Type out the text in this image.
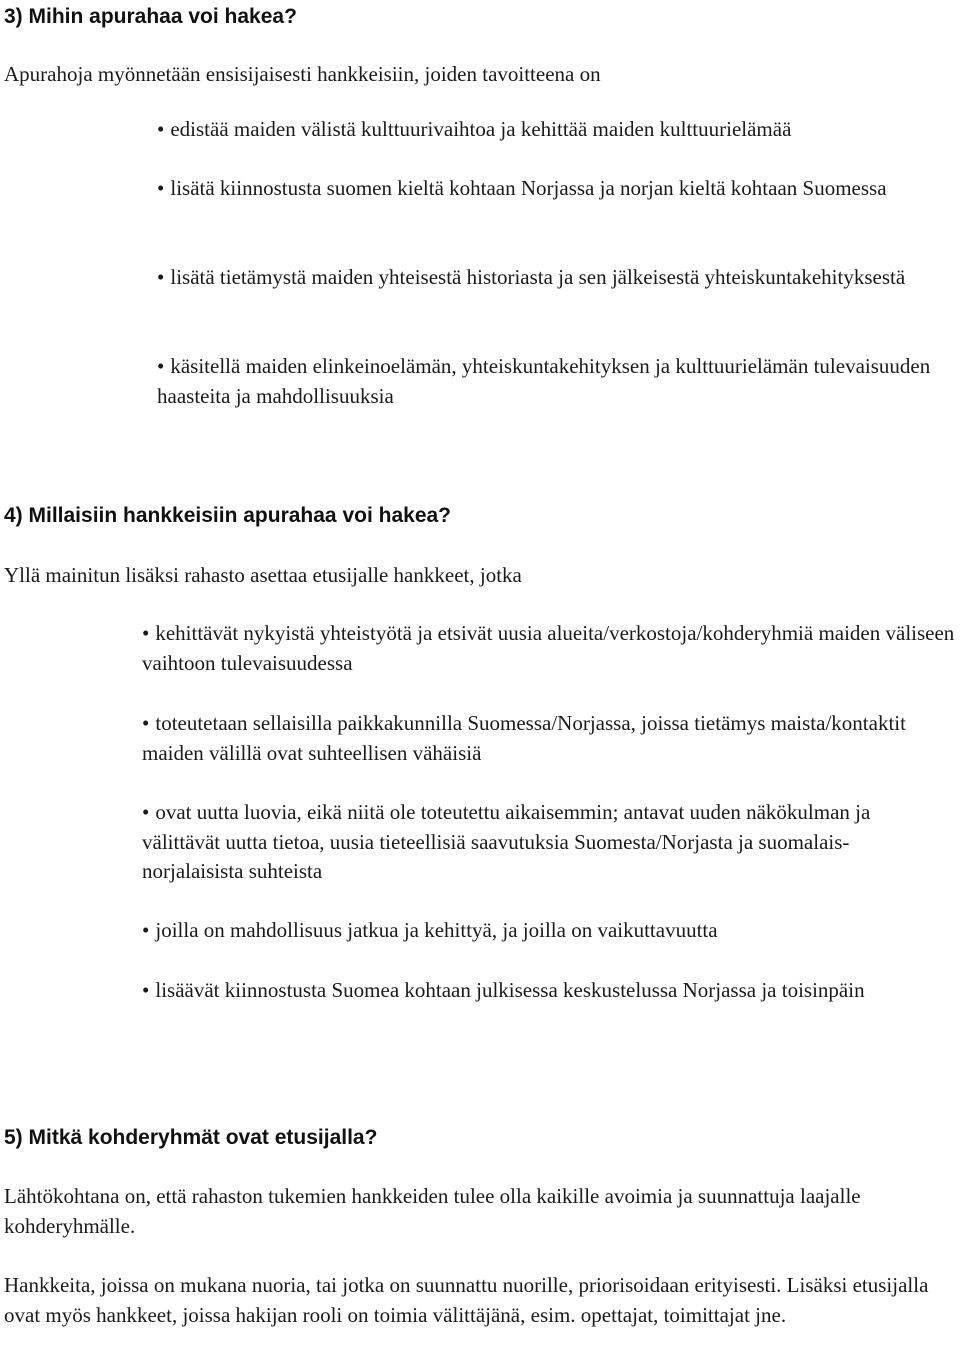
3) Mihin apurahaa voi hakea?

Apurahoja myönnetään ensisijaisesti hankkeisiin, joiden tavoitteena on

• edistää maiden välistä kulttuurivaihtoa ja kehittää maiden kulttuurielämää
• lisätä kiinnostusta suomen kieltä kohtaan Norjassa ja norjan kieltä kohtaan Suomessa
• lisätä tietämystä maiden yhteisestä historiasta ja sen jälkeisestä yhteiskuntakehityksestä
• käsitellä maiden elinkeinoelämän, yhteiskuntakehityksen ja kulttuurielämän tulevaisuuden haasteita ja mahdollisuuksia
4) Millaisiin hankkeisiin apurahaa voi hakea?

Yllä mainitun lisäksi rahasto asettaa etusijalle hankkeet, jotka

• kehittävät nykyistä yhteistyötä ja etsivät uusia alueita/verkostoja/kohderyhmiä maiden väliseen vaihtoon tulevaisuudessa
• toteutetaan sellaisilla paikkakunnilla Suomessa/Norjassa, joissa tietämys maista/kontaktit maiden välillä ovat suhteellisen vähäisiä
• ovat uutta luovia, eikä niitä ole toteutettu aikaisemmin; antavat uuden näkökulman ja välittävät uutta tietoa, uusia tieteellisiä saavutuksia Suomesta/Norjasta ja suomalais-norjalaisista suhteista
• joilla on mahdollisuus jatkua ja kehittyä, ja joilla on vaikuttavuutta
• lisäävät kiinnostusta Suomea kohtaan julkisessa keskustelussa Norjassa ja toisinpäin
5) Mitkä kohderyhmät ovat etusijalla?

Lähtökohtana on, että rahaston tukemien hankkeiden tulee olla kaikille avoimia ja suunnattuja laajalle kohderyhmälle.

Hankkeita, joissa on mukana nuoria, tai jotka on suunnattu nuorille, priorisoidaan erityisesti. Lisäksi etusijalla ovat myös hankkeet, joissa hakijan rooli on toimia välittäjänä, esim. opettajat, toimittajat jne.
